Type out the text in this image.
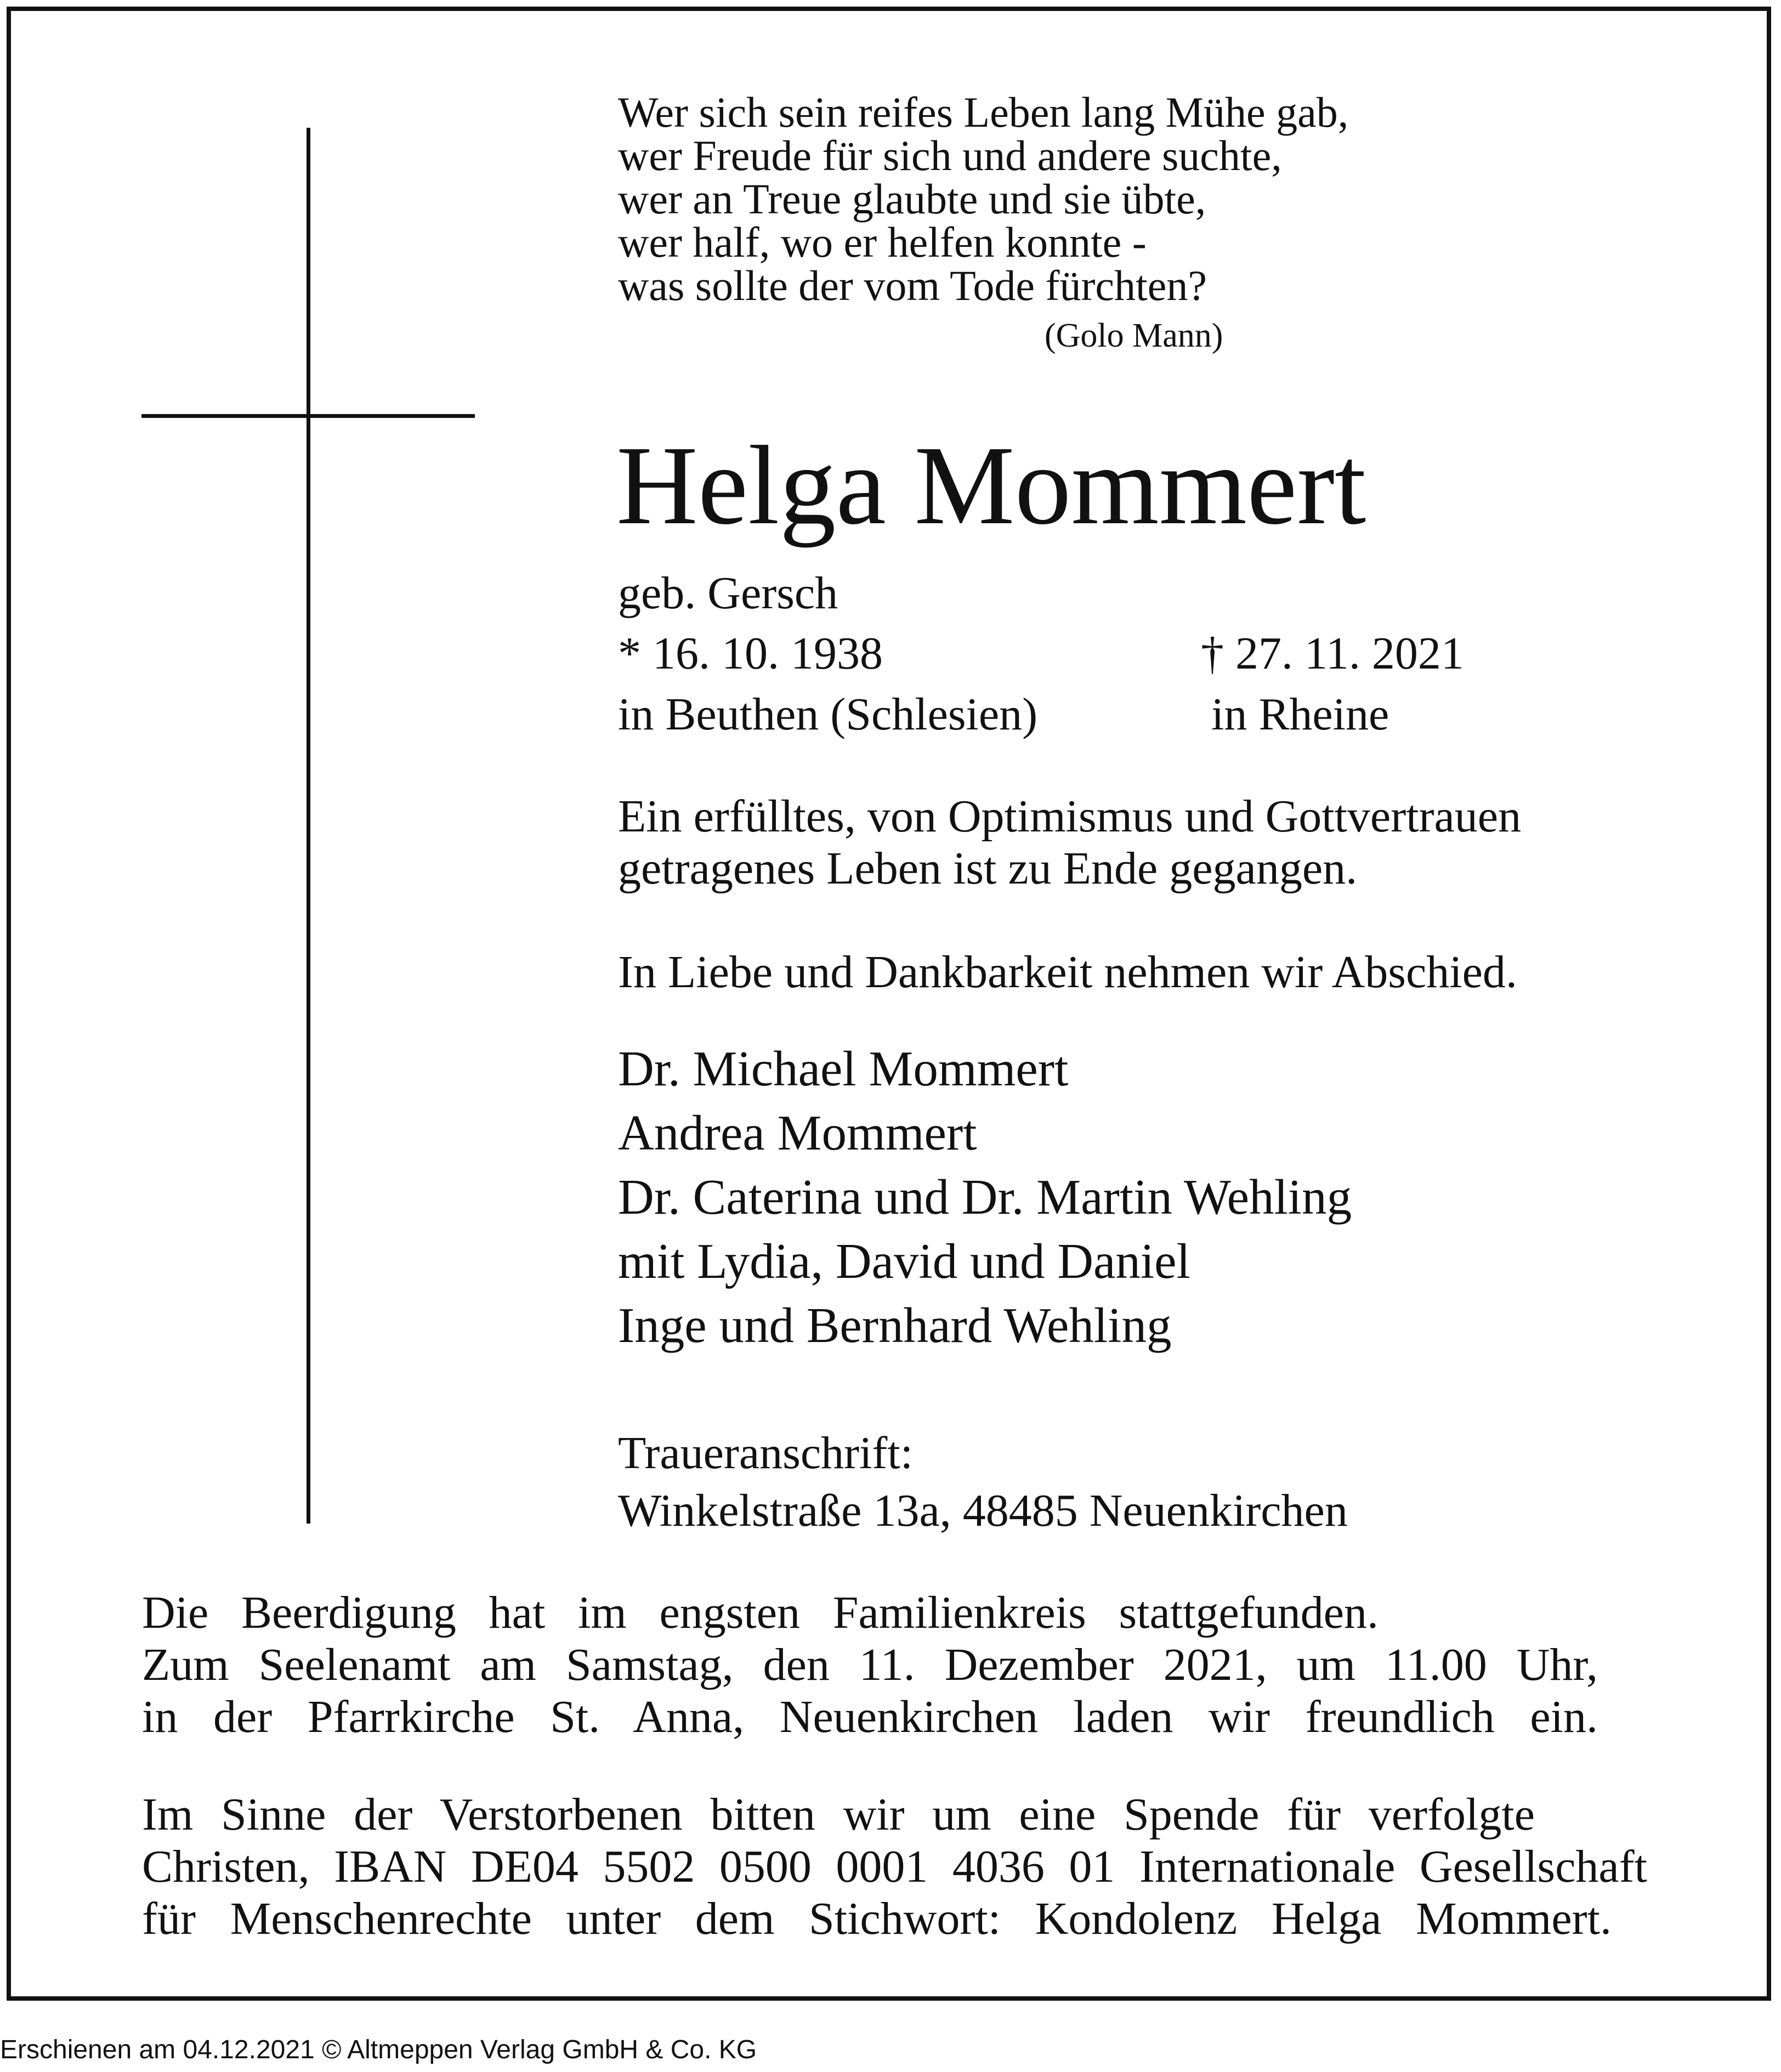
Wer sich sein reifes Leben lang Mühe gab,
wer Freude für sich und andere suchte,
wer an Treue glaubte und sie übte,
wer half, wo er helfen konnte -
was sollte der vom Tode fürchten?
(Golo Mann)
Helga Mommert
geb. Gersch
* 16. 10. 1938	† 27. 11. 2021
in Beuthen (Schlesien)	in Rheine
Ein erfülltes, von Optimismus und Gottvertrauen
getragenes Leben ist zu Ende gegangen.
In Liebe und Dankbarkeit nehmen wir Abschied.
Dr. Michael Mommert
Andrea Mommert
Dr. Caterina und Dr. Martin Wehling
mit Lydia, David und Daniel
Inge und Bernhard Wehling
Traueranschrift:
Winkelstraße 13a, 48485 Neuenkirchen
Die Beerdigung hat im engsten Familienkreis stattgefunden.
Zum Seelenamt am Samstag, den 11. Dezember 2021, um 11.00 Uhr,
in der Pfarrkirche St. Anna, Neuenkirchen laden wir freundlich ein.
Im Sinne der Verstorbenen bitten wir um eine Spende für verfolgte
Christen, IBAN DE04 5502 0500 0001 4036 01 Internationale Gesellschaft
für Menschenrechte unter dem Stichwort: Kondolenz Helga Mommert.
Erschienen am 04.12.2021 © Altmeppen Verlag GmbH & Co. KG
